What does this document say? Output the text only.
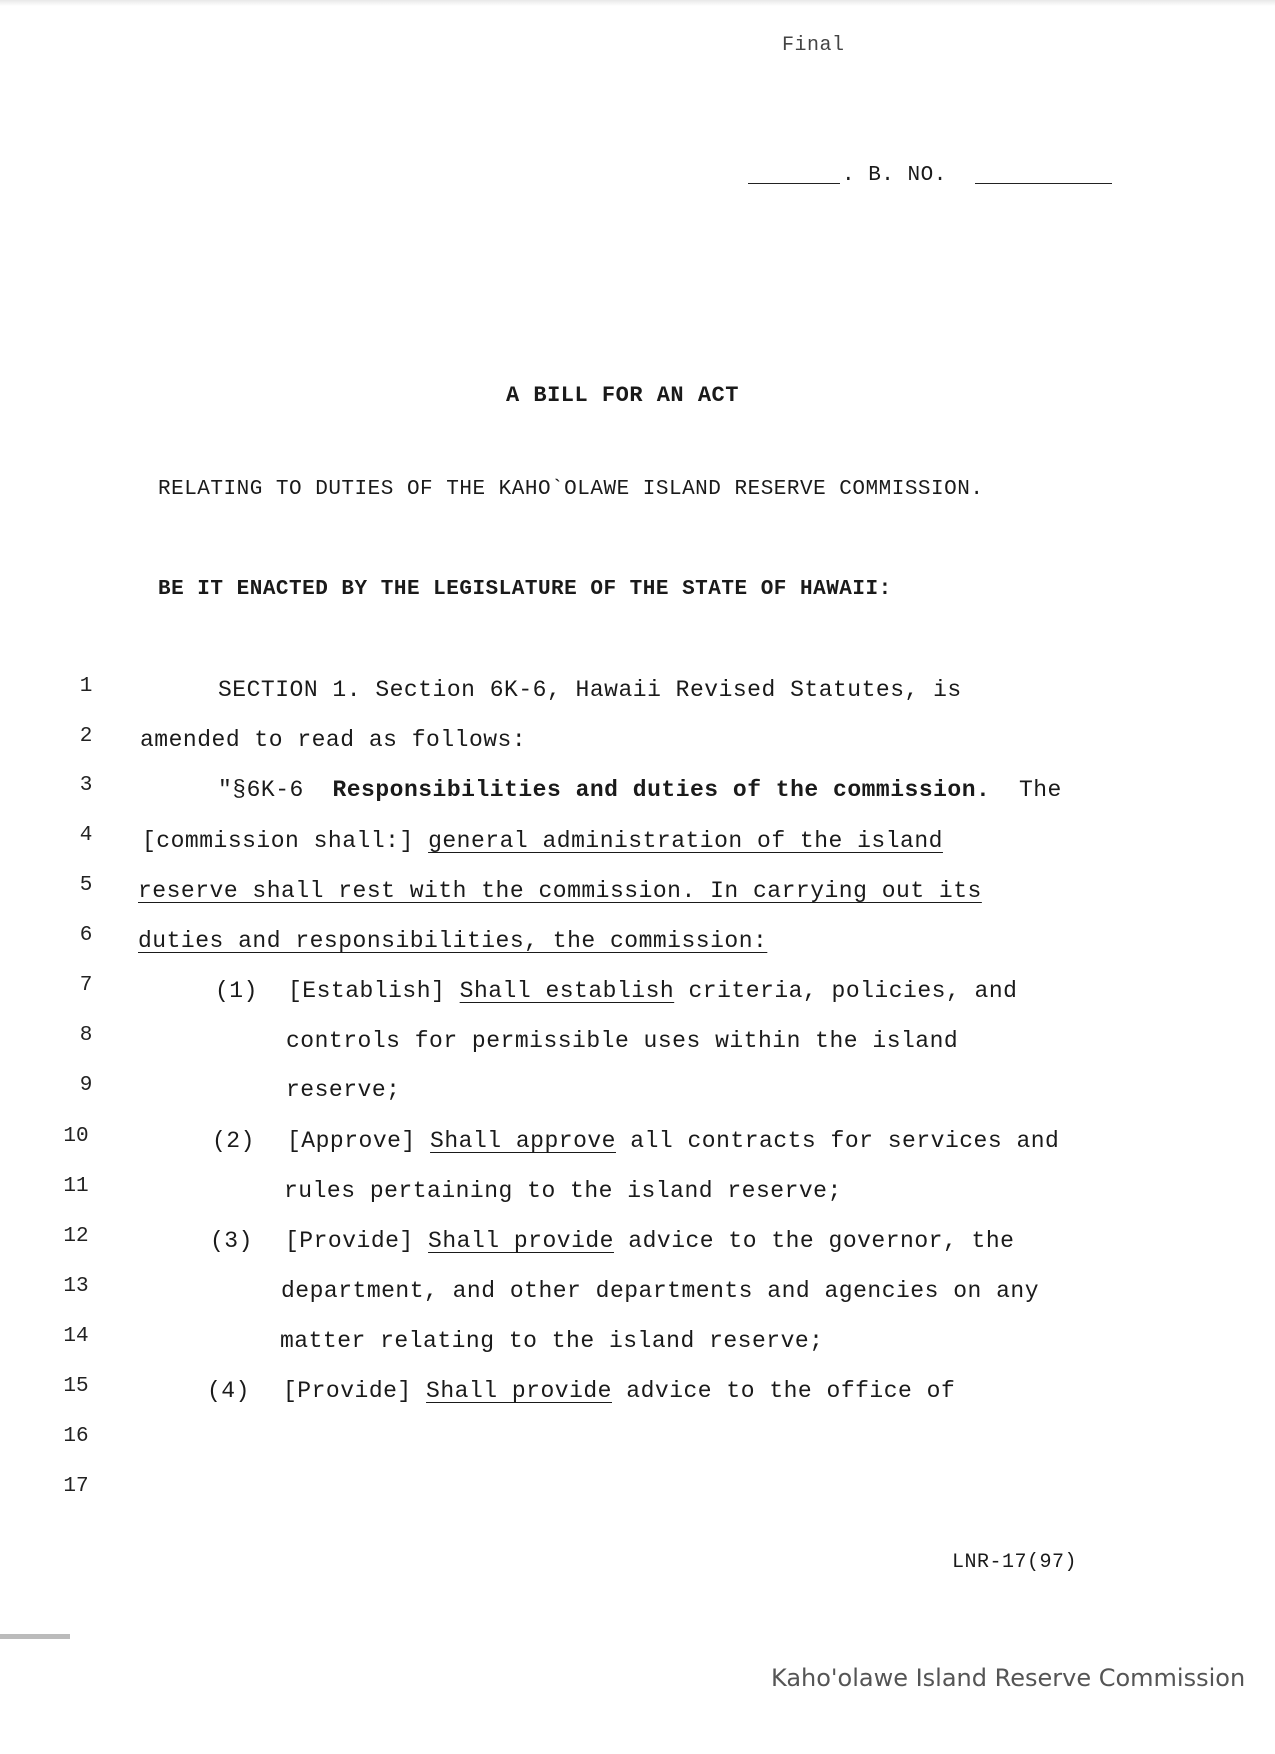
Final
. B. NO.
A BILL FOR AN ACT
RELATING TO DUTIES OF THE KAHO`OLAWE ISLAND RESERVE COMMISSION.
BE IT ENACTED BY THE LEGISLATURE OF THE STATE OF HAWAII:
1
2
3
4
5
6
7
8
9
10
11
12
13
14
15
16
17
SECTION 1. Section 6K-6, Hawaii Revised Statutes, is
amended to read as follows:
"§6K-6 Responsibilities and duties of the commission. The
[commission shall:] general administration of the island
reserve shall rest with the commission. In carrying out its
duties and responsibilities, the commission:
(1) [Establish] Shall establish criteria, policies, and
controls for permissible uses within the island
reserve;
(2) [Approve] Shall approve all contracts for services and
rules pertaining to the island reserve;
(3) [Provide] Shall provide advice to the governor, the
department, and other departments and agencies on any
matter relating to the island reserve;
(4) [Provide] Shall provide advice to the office of
LNR-17(97)
Kaho'olawe Island Reserve Commission
